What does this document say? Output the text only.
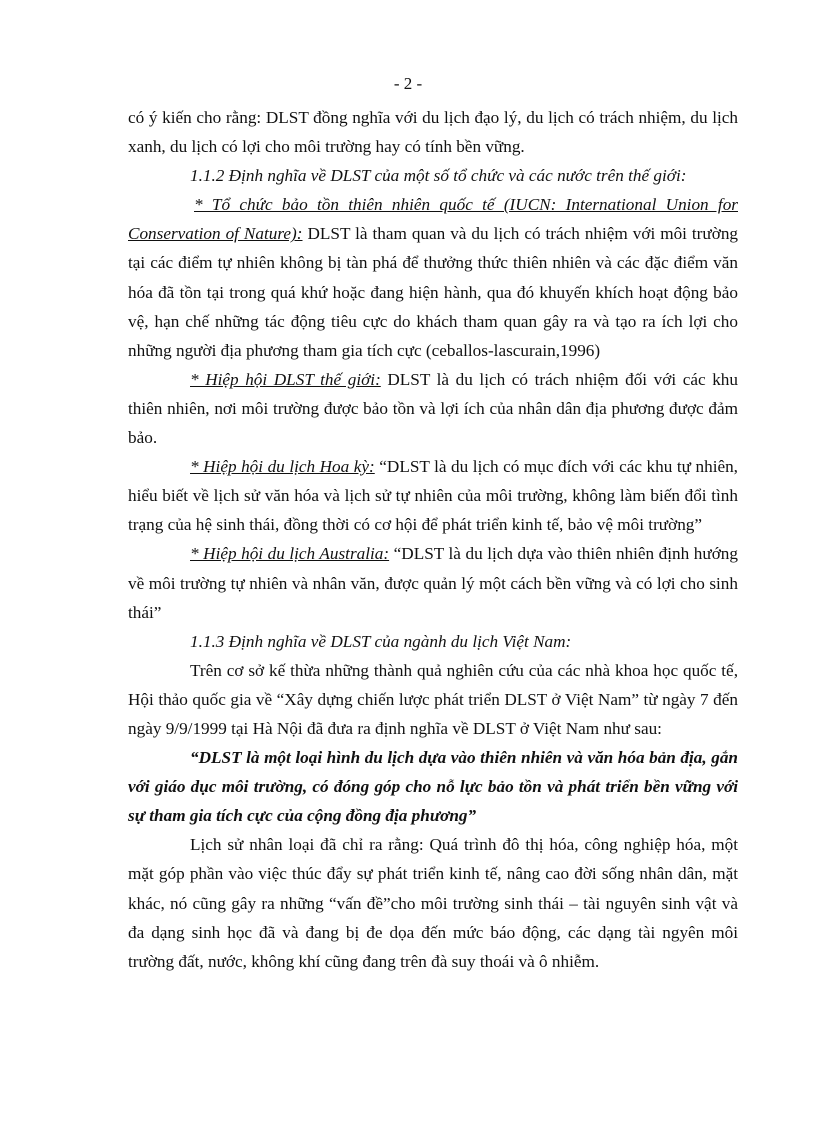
- 2 -

có ý kiến cho rằng: DLST đồng nghĩa với du lịch đạo lý, du lịch có trách nhiệm, du lịch xanh, du lịch có lợi cho môi trường hay có tính bền vững.

1.1.2 Định nghĩa về DLST của một số tổ chức và các nước trên thế giới:

* Tổ chức bảo tồn thiên nhiên quốc tế (IUCN: International Union for Conservation of Nature): DLST là tham quan và du lịch có trách nhiệm với môi trường tại các điểm tự nhiên không bị tàn phá để thưởng thức thiên nhiên và các đặc điểm văn hóa đã tồn tại trong quá khứ hoặc đang hiện hành, qua đó khuyến khích hoạt động bảo vệ, hạn chế những tác động tiêu cực do khách tham quan gây ra và tạo ra ích lợi cho những người địa phương tham gia tích cực (ceballos-lascurain,1996)

* Hiệp hội DLST thế giới: DLST là du lịch có trách nhiệm đối với các khu thiên nhiên, nơi môi trường được bảo tồn và lợi ích của nhân dân địa phương được đảm bảo.

* Hiệp hội du lịch Hoa kỳ: “DLST là du lịch có mục đích với các khu tự nhiên, hiểu biết về lịch sử văn hóa và lịch sử tự nhiên của môi trường, không làm biến đổi tình trạng của hệ sinh thái, đồng thời có cơ hội để phát triển kinh tế, bảo vệ môi trường”

* Hiệp hội du lịch Australia: “DLST là du lịch dựa vào thiên nhiên định hướng về môi trường tự nhiên và nhân văn, được quản lý một cách bền vững và có lợi cho sinh thái”

1.1.3 Định nghĩa về DLST của ngành du lịch Việt Nam:

Trên cơ sở kế thừa những thành quả nghiên cứu của các nhà khoa học quốc tế, Hội thảo quốc gia về “Xây dựng chiến lược phát triển DLST ở Việt Nam” từ ngày 7 đến ngày 9/9/1999 tại Hà Nội đã đưa ra định nghĩa về DLST ở Việt Nam như sau:

“DLST là một loại hình du lịch dựa vào thiên nhiên và văn hóa bản địa, gắn với giáo dục môi trường, có đóng góp cho nỗ lực bảo tồn và phát triển bền vững với sự tham gia tích cực của cộng đồng địa phương”

Lịch sử nhân loại đã chỉ ra rằng: Quá trình đô thị hóa, công nghiệp hóa, một mặt góp phần vào việc thúc đẩy sự phát triển kinh tế, nâng cao đời sống nhân dân, mặt khác, nó cũng gây ra những “vấn đề”cho môi trường sinh thái – tài nguyên sinh vật và đa dạng sinh học đã và đang bị đe dọa đến mức báo động, các dạng tài ngyên môi trường đất, nước, không khí cũng đang trên đà suy thoái và ô nhiễm.
